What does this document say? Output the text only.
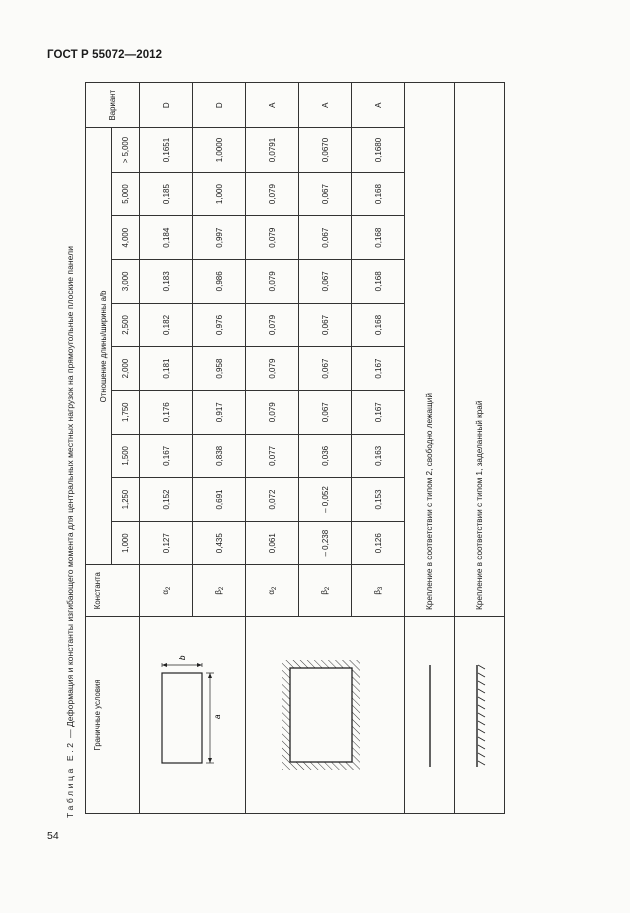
ГОСТ Р 55072—2012
Таблица Е.2 — Деформация и константы изгибающего момента для центральных местных нагрузок на прямоугольные плоские панели Граничные условия	Константа	Отношение длины/ширины a/b										Вариант
		1,000	1,250	1,500	1,750	2,000	2,500	3,000	4,000	5,000	> 5,000	

a
b	$\alpha_2$	0,127	0,152	0,167	0,176	0,181	0,182	0,183	0,184	0,185	0,1651	D
	$\beta_2$	0,435	0,691	0,838	0,917	0,958	0,976	0,986	0,997	1,000	1,0000	D

	$\alpha_2$	0,061	0,072	0,077	0,079	0,079	0,079	0,079	0,079	0,079	0,0791	A
	$\beta_2$	– 0,238	– 0,052	0,036	0,067	0,067	0,067	0,067	0,067	0,067	0,0670	A
	$\beta_3$	0,126	0,153	0,163	0,167	0,167	0,168	0,168	0,168	0,168	0,1680	A

	Крепление в соответствии с типом 2, свободно лежащий											

	Крепление в соответствии с типом 1, заделанный край											
54
